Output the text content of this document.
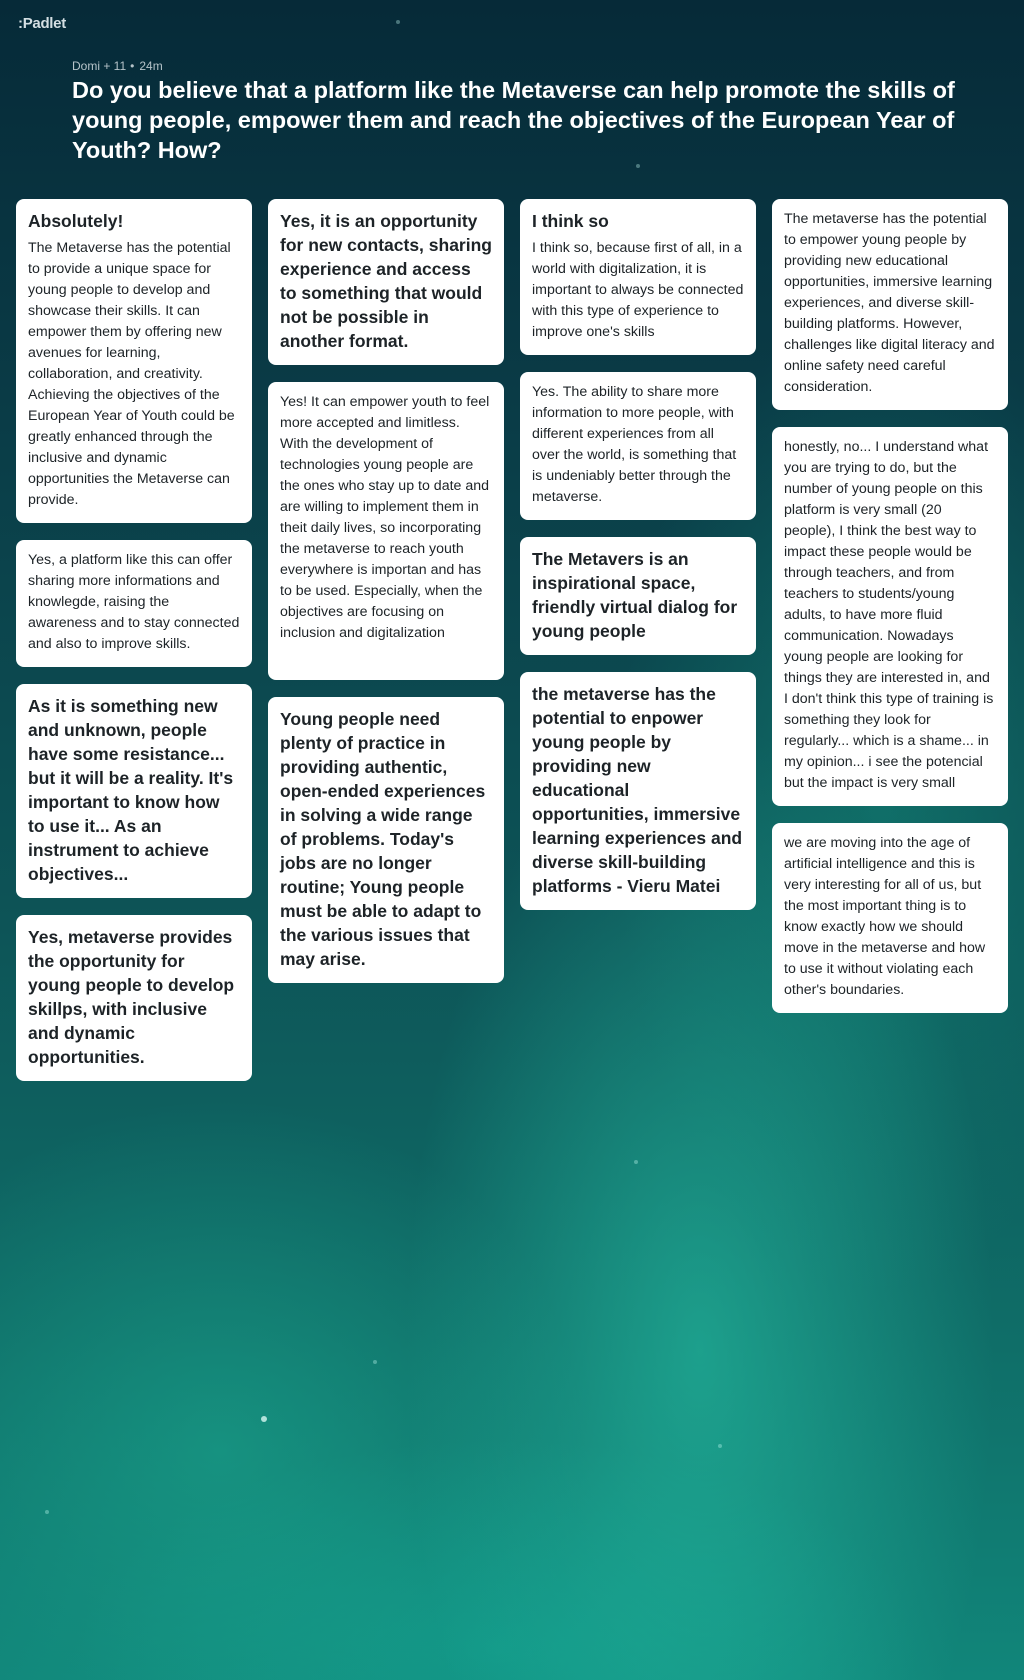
:Padlet
Domi + 11 • 24m
Do you believe that a platform like the Metaverse can help promote the skills of young people, empower them and reach the objectives of the European Year of Youth? How?
Absolutely!
The Metaverse has the potential to provide a unique space for young people to develop and showcase their skills. It can empower them by offering new avenues for learning, collaboration, and creativity. Achieving the objectives of the European Year of Youth could be greatly enhanced through the inclusive and dynamic opportunities the Metaverse can provide.
Yes, a platform like this can offer sharing more informations and knowlegde, raising the awareness and to stay connected and also to improve skills.
As it is something new and unknown, people have some resistance... but it will be a reality. It's important to know how to use it... As an instrument to achieve objectives...
Yes, metaverse provides the opportunity for young people to develop skillps, with inclusive and dynamic opportunities.
Yes, it is an opportunity for new contacts, sharing experience and access to something that would not be possible in another format.
Yes! It can empower youth to feel more accepted and limitless. With the development of technologies young people are the ones who stay up to date and are willing to implement them in theit daily lives, so incorporating the metaverse to reach youth everywhere is importan and has to be used. Especially, when the objectives are focusing on inclusion and digitalization
Young people need plenty of practice in providing authentic, open-ended experiences in solving a wide range of problems. Today's jobs are no longer routine; Young people must be able to adapt to the various issues that may arise.
I think so
I think so, because first of all, in a world with digitalization, it is important to always be connected with this type of experience to improve one's skills
Yes. The ability to share more information to more people, with different experiences from all over the world, is something that is undeniably better through the metaverse.
The Metavers is an inspirational space, friendly virtual dialog for young people
the metaverse has the potential to enpower young people by providing new educational opportunities, immersive learning experiences and diverse skill-building platforms - Vieru Matei
The metaverse has the potential to empower young people by providing new educational opportunities, immersive learning experiences, and diverse skill-building platforms. However, challenges like digital literacy and online safety need careful consideration.
honestly, no... I understand what you are trying to do, but the number of young people on this platform is very small (20 people), I think the best way to impact these people would be through teachers, and from teachers to students/young adults, to have more fluid communication. Nowadays young people are looking for things they are interested in, and I don't think this type of training is something they look for regularly... which is a shame... in my opinion... i see the potencial but the impact is very small
we are moving into the age of artificial intelligence and this is very interesting for all of us, but the most important thing is to know exactly how we should move in the metaverse and how to use it without violating each other's boundaries.
